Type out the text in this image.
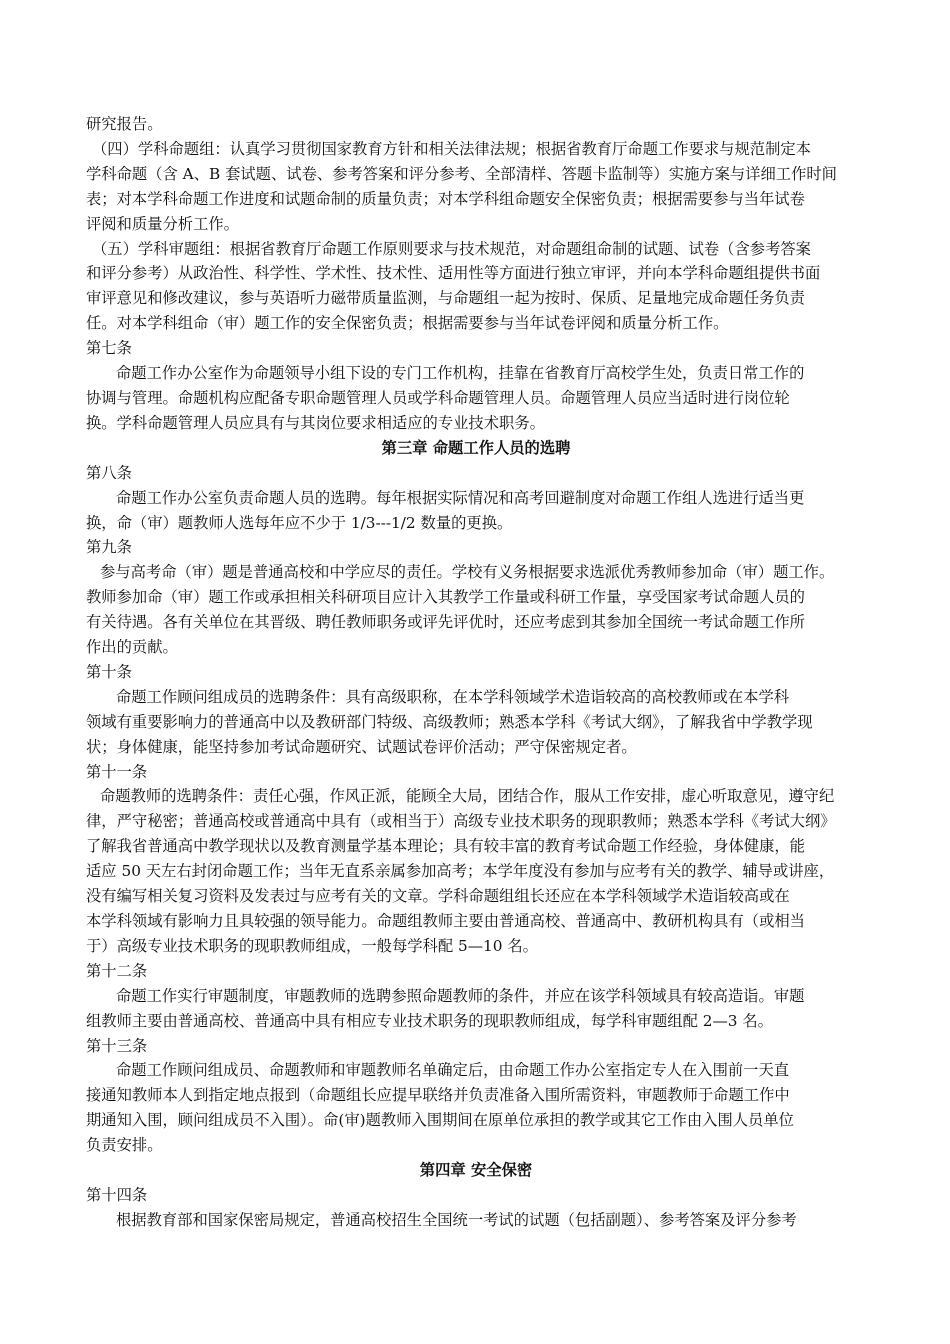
研究报告。
（四）学科命题组：认真学习贯彻国家教育方针和相关法律法规；根据省教育厅命题工作要求与规范制定本
学科命题（含 A、B 套试题、试卷、参考答案和评分参考、全部清样、答题卡监制等）实施方案与详细工作时间
表；对本学科命题工作进度和试题命制的质量负责；对本学科组命题安全保密负责；根据需要参与当年试卷
评阅和质量分析工作。
（五）学科审题组：根据省教育厅命题工作原则要求与技术规范，对命题组命制的试题、试卷（含参考答案
和评分参考）从政治性、科学性、学术性、技术性、适用性等方面进行独立审评，并向本学科命题组提供书面
审评意见和修改建议，参与英语听力磁带质量监测，与命题组一起为按时、保质、足量地完成命题任务负责
任。对本学科组命（审）题工作的安全保密负责；根据需要参与当年试卷评阅和质量分析工作。
第七条
命题工作办公室作为命题领导小组下设的专门工作机构，挂靠在省教育厅高校学生处，负责日常工作的
协调与管理。命题机构应配备专职命题管理人员或学科命题管理人员。命题管理人员应当适时进行岗位轮
换。学科命题管理人员应具有与其岗位要求相适应的专业技术职务。
第三章 命题工作人员的选聘
第八条
命题工作办公室负责命题人员的选聘。每年根据实际情况和高考回避制度对命题工作组人选进行适当更
换，命（审）题教师人选每年应不少于 1/3---1/2 数量的更换。
第九条
参与高考命（审）题是普通高校和中学应尽的责任。学校有义务根据要求选派优秀教师参加命（审）题工作。
教师参加命（审）题工作或承担相关科研项目应计入其教学工作量或科研工作量，享受国家考试命题人员的
有关待遇。各有关单位在其晋级、聘任教师职务或评先评优时，还应考虑到其参加全国统一考试命题工作所
作出的贡献。
第十条
命题工作顾问组成员的选聘条件：具有高级职称，在本学科领域学术造诣较高的高校教师或在本学科
领域有重要影响力的普通高中以及教研部门特级、高级教师；熟悉本学科《考试大纲》，了解我省中学教学现
状；身体健康，能坚持参加考试命题研究、试题试卷评价活动；严守保密规定者。
第十一条
命题教师的选聘条件：责任心强，作风正派，能顾全大局，团结合作，服从工作安排，虚心听取意见，遵守纪
律，严守秘密；普通高校或普通高中具有（或相当于）高级专业技术职务的现职教师；熟悉本学科《考试大纲》
了解我省普通高中教学现状以及教育测量学基本理论；具有较丰富的教育考试命题工作经验，身体健康，能
适应 50 天左右封闭命题工作；当年无直系亲属参加高考；本学年度没有参加与应考有关的教学、辅导或讲座，
没有编写相关复习资料及发表过与应考有关的文章。学科命题组组长还应在本学科领域学术造诣较高或在
本学科领域有影响力且具较强的领导能力。命题组教师主要由普通高校、普通高中、教研机构具有（或相当
于）高级专业技术职务的现职教师组成，一般每学科配 5—10 名。
第十二条
命题工作实行审题制度，审题教师的选聘参照命题教师的条件，并应在该学科领域具有较高造诣。审题
组教师主要由普通高校、普通高中具有相应专业技术职务的现职教师组成，每学科审题组配 2—3 名。
第十三条
命题工作顾问组成员、命题教师和审题教师名单确定后，由命题工作办公室指定专人在入围前一天直
接通知教师本人到指定地点报到（命题组长应提早联络并负责准备入围所需资料，审题教师于命题工作中
期通知入围，顾问组成员不入围）。命(审)题教师入围期间在原单位承担的教学或其它工作由入围人员单位
负责安排。
第四章 安全保密
第十四条
根据教育部和国家保密局规定，普通高校招生全国统一考试的试题（包括副题）、参考答案及评分参考
